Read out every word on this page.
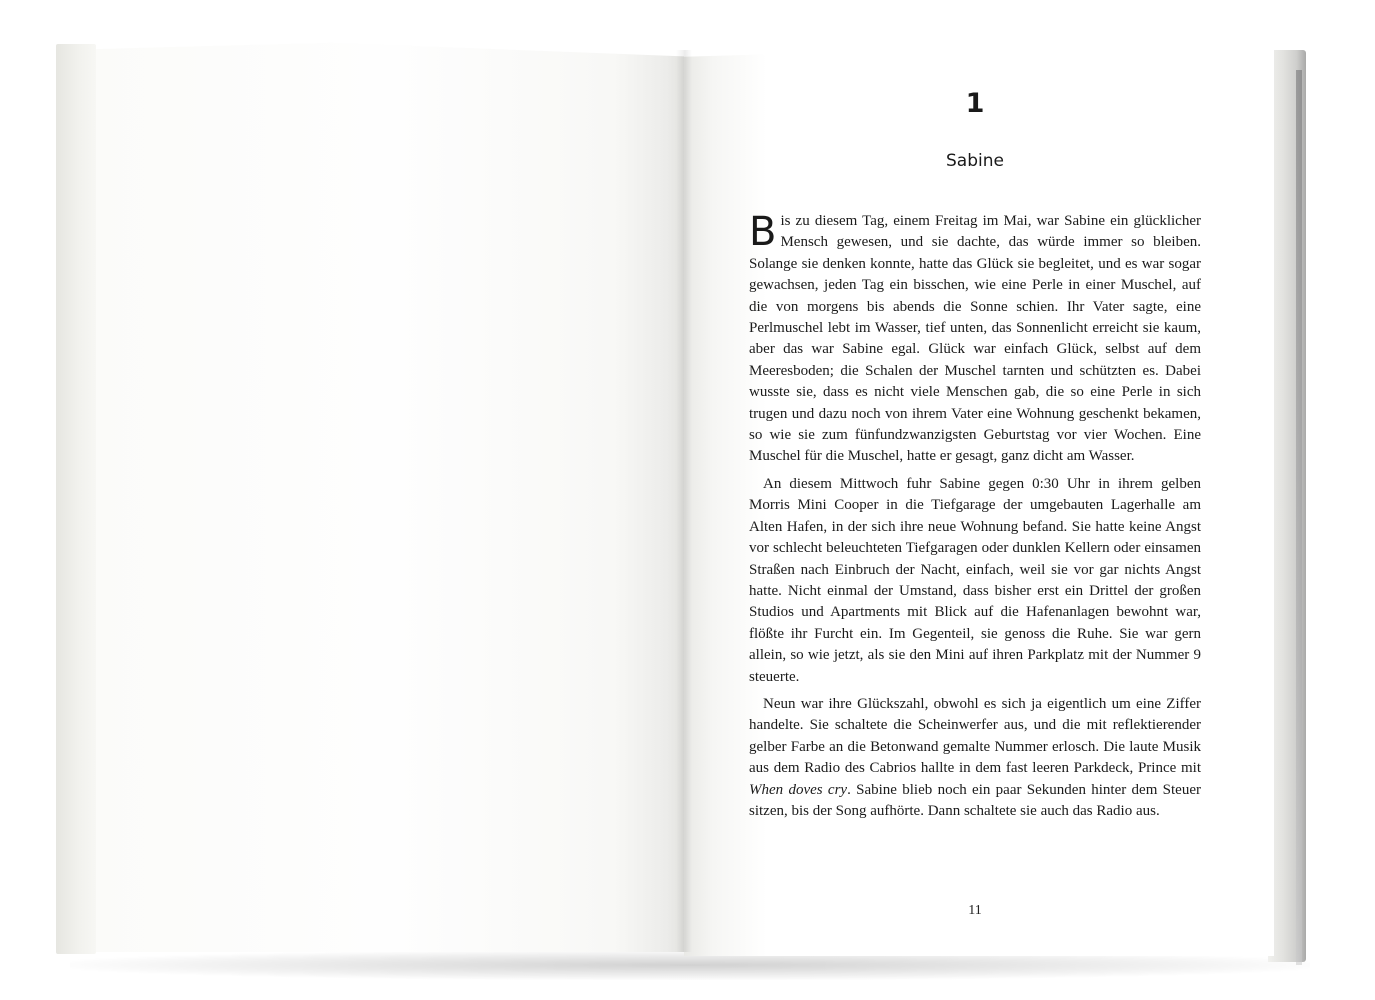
1
Sabine

Bis zu diesem Tag, einem Freitag im Mai, war Sabine ein glücklicher Mensch gewesen, und sie dachte, das würde immer so bleiben. Solange sie denken konnte, hatte das Glück sie begleitet, und es war sogar gewachsen, jeden Tag ein bisschen, wie eine Perle in einer Muschel, auf die von morgens bis abends die Sonne schien. Ihr Vater sagte, eine Perlmuschel lebt im Wasser, tief unten, das Sonnenlicht erreicht sie kaum, aber das war Sabine egal. Glück war einfach Glück, selbst auf dem Meeresboden; die Schalen der Muschel tarnten und schützten es. Dabei wusste sie, dass es nicht viele Menschen gab, die so eine Perle in sich trugen und dazu noch von ihrem Vater eine Wohnung geschenkt bekamen, so wie sie zum fünfundzwanzigsten Geburtstag vor vier Wochen. Eine Muschel für die Muschel, hatte er gesagt, ganz dicht am Wasser.

An diesem Mittwoch fuhr Sabine gegen 0:30 Uhr in ihrem gelben Morris Mini Cooper in die Tiefgarage der umgebauten Lagerhalle am Alten Hafen, in der sich ihre neue Wohnung befand. Sie hatte keine Angst vor schlecht beleuchteten Tiefgaragen oder dunklen Kellern oder einsamen Straßen nach Einbruch der Nacht, einfach, weil sie vor gar nichts Angst hatte. Nicht einmal der Umstand, dass bisher erst ein Drittel der großen Studios und Apartments mit Blick auf die Hafenanlagen bewohnt war, flößte ihr Furcht ein. Im Gegenteil, sie genoss die Ruhe. Sie war gern allein, so wie jetzt, als sie den Mini auf ihren Parkplatz mit der Nummer 9 steuerte.

Neun war ihre Glückszahl, obwohl es sich ja eigentlich um eine Ziffer handelte. Sie schaltete die Scheinwerfer aus, und die mit reflektierender gelber Farbe an die Betonwand gemalte Nummer erlosch. Die laute Musik aus dem Radio des Cabrios hallte in dem fast leeren Parkdeck, Prince mit When doves cry. Sabine blieb noch ein paar Sekunden hinter dem Steuer sitzen, bis der Song aufhörte. Dann schaltete sie auch das Radio aus.

11
